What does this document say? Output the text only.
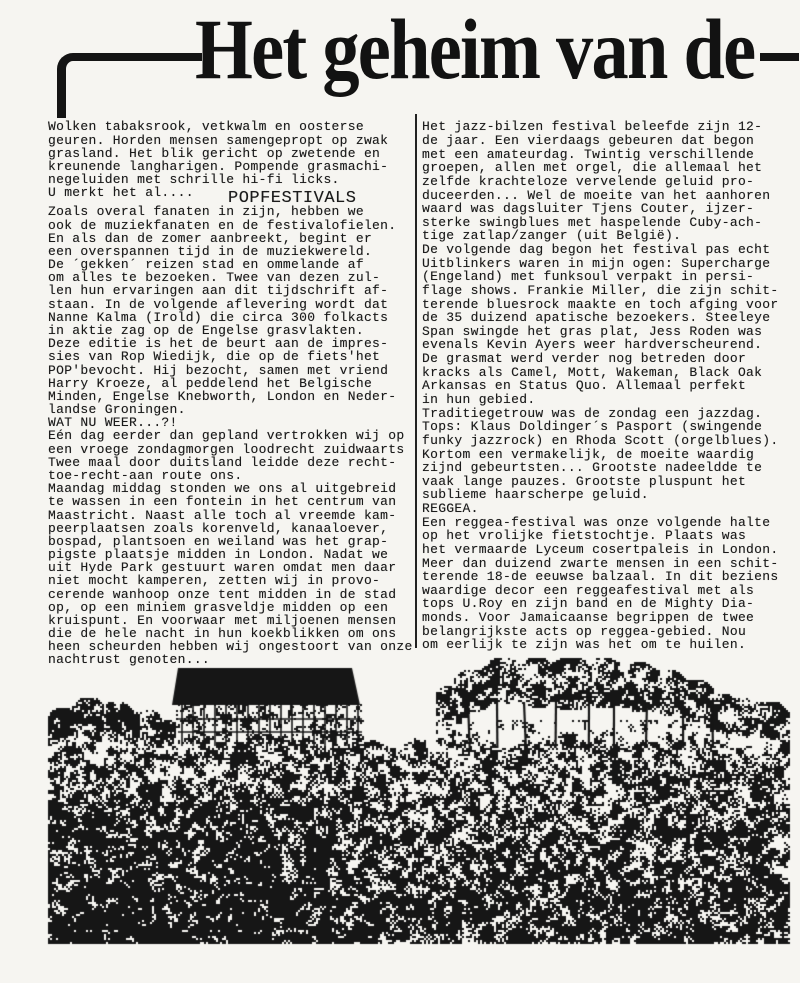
Het geheim van de
Wolken tabaksrook, vetkwalm en oosterse
geuren. Horden mensen samengepropt op zwak
grasland. Het blik gericht op zwetende en
kreunende langharigen. Pompende grasmachi-
negeluiden met schrille hi-fi licks.
U merkt het al....
Zoals overal fanaten in zijn, hebben we
ook de muziekfanaten en de festivalofielen.
En als dan de zomer aanbreekt, begint er
een overspannen tijd in de muziekwereld.
De ´gekken´ reizen stad en ommelande af
om alles te bezoeken. Twee van dezen zul-
len hun ervaringen aan dit tijdschrift af-
staan. In de volgende aflevering wordt dat
Nanne Kalma (Irold) die circa 300 folkacts
in aktie zag op de Engelse grasvlakten.
Deze editie is het de beurt aan de impres-
sies van Rop Wiedijk, die op de fiets'het
POP'bevocht. Hij bezocht, samen met vriend
Harry Kroeze, al peddelend het Belgische
Minden, Engelse Knebworth, London en Neder-
landse Groningen.
WAT NU WEER...?!
Eén dag eerder dan gepland vertrokken wij op
een vroege zondagmorgen loodrecht zuidwaarts
Twee maal door duitsland leidde deze recht-
toe-recht-aan route ons.
Maandag middag stonden we ons al uitgebreid
te wassen in een fontein in het centrum van
Maastricht. Naast alle toch al vreemde kam-
peerplaatsen zoals korenveld, kanaaloever,
bospad, plantsoen en weiland was het grap-
pigste plaatsje midden in London. Nadat we
uit Hyde Park gestuurt waren omdat men daar
niet mocht kamperen, zetten wij in provo-
cerende wanhoop onze tent midden in de stad
op, op een miniem grasveldje midden op een
kruispunt. En voorwaar met miljoenen mensen
die de hele nacht in hun koekblikken om ons
heen scheurden hebben wij ongestoort van onze
nachtrust genoten...
POPFESTIVALS
Het jazz-bilzen festival beleefde zijn 12-
de jaar. Een vierdaags gebeuren dat begon
met een amateurdag. Twintig verschillende
groepen, allen met orgel, die allemaal het
zelfde krachteloze vervelende geluid pro-
duceerden... Wel de moeite van het aanhoren
waard was dagsluiter Tjens Couter, ijzer-
sterke swingblues met haspelende Cuby-ach-
tige zatlap/zanger (uit België).
De volgende dag begon het festival pas echt
Uitblinkers waren in mijn ogen: Supercharge
(Engeland) met funksoul verpakt in persi-
flage shows. Frankie Miller, die zijn schit-
terende bluesrock maakte en toch afging voor
de 35 duizend apatische bezoekers. Steeleye
Span swingde het gras plat, Jess Roden was
evenals Kevin Ayers weer hardverscheurend.
De grasmat werd verder nog betreden door
kracks als Camel, Mott, Wakeman, Black Oak
Arkansas en Status Quo. Allemaal perfekt
in hun gebied.
Traditiegetrouw was de zondag een jazzdag.
Tops: Klaus Doldinger´s Pasport (swingende
funky jazzrock) en Rhoda Scott (orgelblues).
Kortom een vermakelijk, de moeite waardig
zijnd gebeurtsten... Grootste nadeeldde te
vaak lange pauzes. Grootste pluspunt het
sublieme haarscherpe geluid.
REGGEA.
Een reggea-festival was onze volgende halte
op het vrolijke fietstochtje. Plaats was
het vermaarde Lyceum cosertpaleis in London.
Meer dan duizend zwarte mensen in een schit-
terende 18-de eeuwse balzaal. In dit beziens
waardige decor een reggeafestival met als
tops U.Roy en zijn band en de Mighty Dia-
monds. Voor Jamaicaanse begrippen de twee
belangrijkste acts op reggea-gebied. Nou
om eerlijk te zijn was het om te huilen.
